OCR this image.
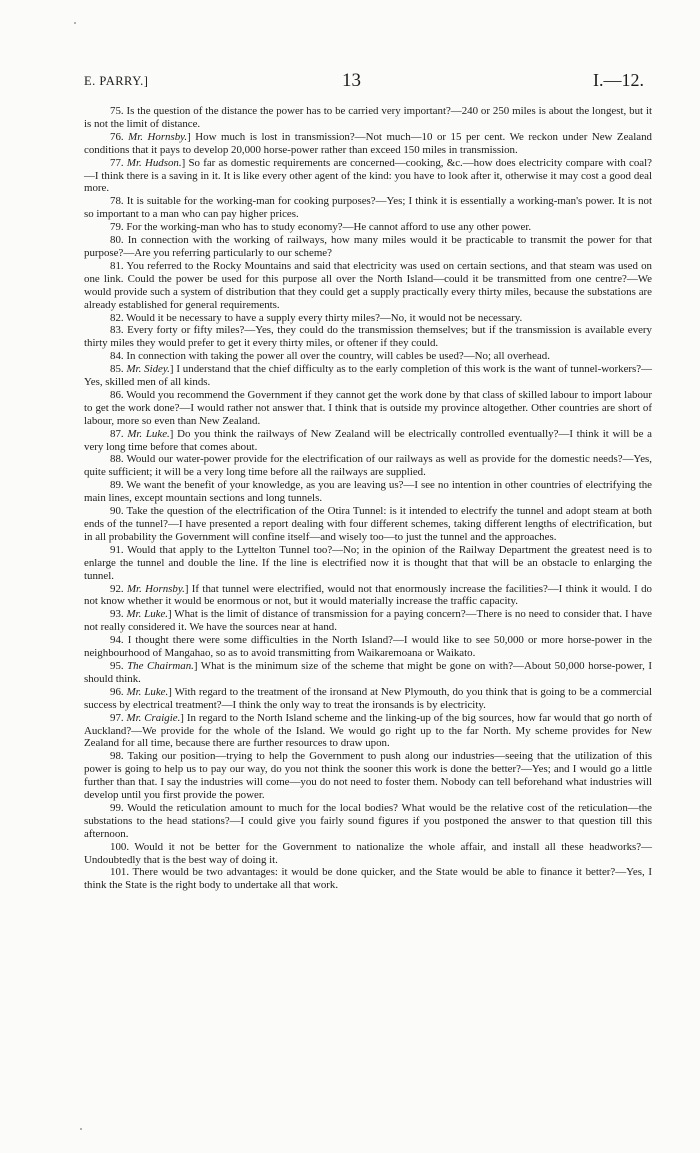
E. PARRY.]	13	I.—12.

75. Is the question of the distance the power has to be carried very important?—240 or 250 miles is about the longest, but it is not the limit of distance.

76. Mr. Hornsby.] How much is lost in transmission?—Not much—10 or 15 per cent. We reckon under New Zealand conditions that it pays to develop 20,000 horse-power rather than exceed 150 miles in transmission.

77. Mr. Hudson.] So far as domestic requirements are concerned—cooking, &c.—how does electricity compare with coal?—I think there is a saving in it. It is like every other agent of the kind: you have to look after it, otherwise it may cost a good deal more.

78. It is suitable for the working-man for cooking purposes?—Yes; I think it is essentially a working-man's power. It is not so important to a man who can pay higher prices.

79. For the working-man who has to study economy?—He cannot afford to use any other power.

80. In connection with the working of railways, how many miles would it be practicable to transmit the power for that purpose?—Are you referring particularly to our scheme?

81. You referred to the Rocky Mountains and said that electricity was used on certain sections, and that steam was used on one link. Could the power be used for this purpose all over the North Island—could it be transmitted from one centre?—We would provide such a system of distribution that they could get a supply practically every thirty miles, because the substations are already established for general requirements.

82. Would it be necessary to have a supply every thirty miles?—No, it would not be necessary.

83. Every forty or fifty miles?—Yes, they could do the transmission themselves; but if the transmission is available every thirty miles they would prefer to get it every thirty miles, or oftener if they could.

84. In connection with taking the power all over the country, will cables be used?—No; all overhead.

85. Mr. Sidey.] I understand that the chief difficulty as to the early completion of this work is the want of tunnel-workers?—Yes, skilled men of all kinds.

86. Would you recommend the Government if they cannot get the work done by that class of skilled labour to import labour to get the work done?—I would rather not answer that. I think that is outside my province altogether. Other countries are short of labour, more so even than New Zealand.

87. Mr. Luke.] Do you think the railways of New Zealand will be electrically controlled eventually?—I think it will be a very long time before that comes about.

88. Would our water-power provide for the electrification of our railways as well as provide for the domestic needs?—Yes, quite sufficient; it will be a very long time before all the railways are supplied.

89. We want the benefit of your knowledge, as you are leaving us?—I see no intention in other countries of electrifying the main lines, except mountain sections and long tunnels.

90. Take the question of the electrification of the Otira Tunnel: is it intended to electrify the tunnel and adopt steam at both ends of the tunnel?—I have presented a report dealing with four different schemes, taking different lengths of electrification, but in all probability the Government will confine itself—and wisely too—to just the tunnel and the approaches.

91. Would that apply to the Lyttelton Tunnel too?—No; in the opinion of the Railway Department the greatest need is to enlarge the tunnel and double the line. If the line is electrified now it is thought that that will be an obstacle to enlarging the tunnel.

92. Mr. Hornsby.] If that tunnel were electrified, would not that enormously increase the facilities?—I think it would. I do not know whether it would be enormous or not, but it would materially increase the traffic capacity.

93. Mr. Luke.] What is the limit of distance of transmission for a paying concern?—There is no need to consider that. I have not really considered it. We have the sources near at hand.

94. I thought there were some difficulties in the North Island?—I would like to see 50,000 or more horse-power in the neighbourhood of Mangahao, so as to avoid transmitting from Waikaremoana or Waikato.

95. The Chairman.] What is the minimum size of the scheme that might be gone on with?—About 50,000 horse-power, I should think.

96. Mr. Luke.] With regard to the treatment of the ironsand at New Plymouth, do you think that is going to be a commercial success by electrical treatment?—I think the only way to treat the ironsands is by electricity.

97. Mr. Craigie.] In regard to the North Island scheme and the linking-up of the big sources, how far would that go north of Auckland?—We provide for the whole of the Island. We would go right up to the far North. My scheme provides for New Zealand for all time, because there are further resources to draw upon.

98. Taking our position—trying to help the Government to push along our industries—seeing that the utilization of this power is going to help us to pay our way, do you not think the sooner this work is done the better?—Yes; and I would go a little further than that. I say the industries will come—you do not need to foster them. Nobody can tell beforehand what industries will develop until you first provide the power.

99. Would the reticulation amount to much for the local bodies? What would be the relative cost of the reticulation—the substations to the head stations?—I could give you fairly sound figures if you postponed the answer to that question till this afternoon.

100. Would it not be better for the Government to nationalize the whole affair, and install all these headworks?—Undoubtedly that is the best way of doing it.

101. There would be two advantages: it would be done quicker, and the State would be able to finance it better?—Yes, I think the State is the right body to undertake all that work.
